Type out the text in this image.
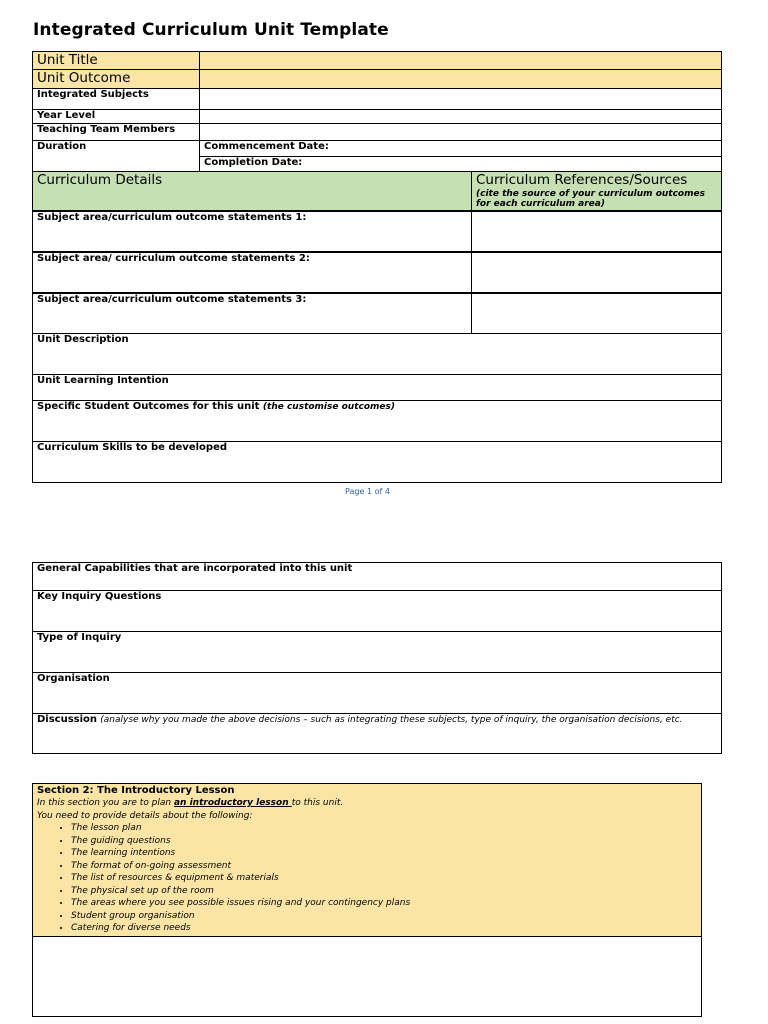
Integrated Curriculum Unit Template
Unit Title		
Unit Outcome		
Integrated Subjects		
Year Level		
Teaching Team Members		
Duration	Commencement Date:	
	Completion Date:	
Curriculum Details		Curriculum References/Sources
(cite the source of your curriculum outcomes for each curriculum area)

Subject area/curriculum outcome statements 1:		
Subject area/ curriculum outcome statements 2:		
Subject area/curriculum outcome statements 3:		
Unit Description		
Unit Learning Intention		
Specific Student Outcomes for this unit (the customise outcomes)		
Curriculum Skills to be developed		
Page 1 of 4
General Capabilities that are incorporated into this unit
Key Inquiry Questions
Type of Inquiry
Organisation
Discussion (analyse why you made the above decisions – such as integrating these subjects, type of inquiry, the organisation decisions, etc.
Section 2: The Introductory Lesson
In this section you are to plan an introductory lesson to this unit.
You need to provide details about the following:
• The lesson plan
• The guiding questions
• The learning intentions
• The format of on-going assessment
• The list of resources & equipment & materials
• The physical set up of the room
• The areas where you see possible issues rising and your contingency plans
• Student group organisation
• Catering for diverse needs
